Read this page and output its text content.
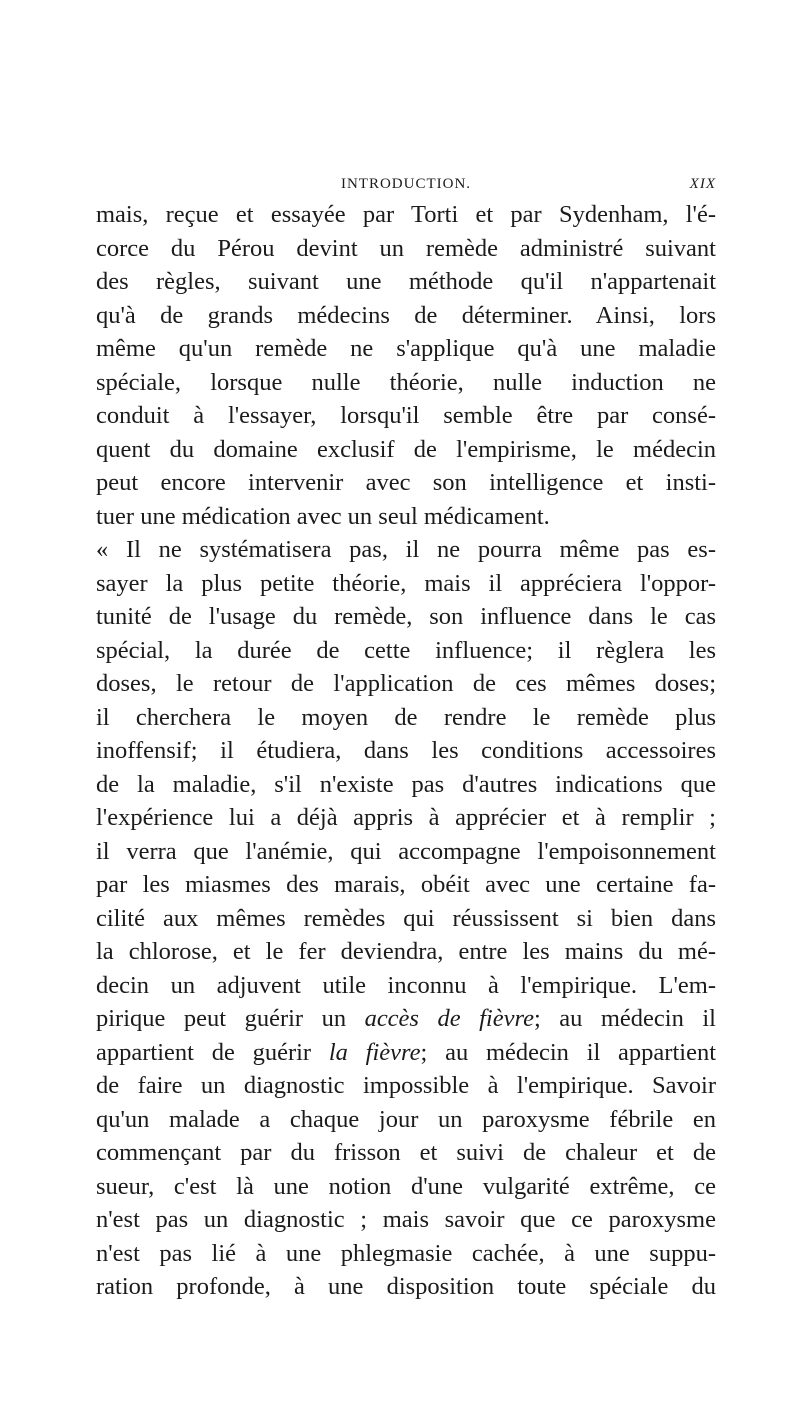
INTRODUCTION.	XIX
mais, reçue et essayée par Torti et par Sydenham, l'é-
corce du Pérou devint un remède administré suivant
des règles, suivant une méthode qu'il n'appartenait
qu'à de grands médecins de déterminer. Ainsi, lors
même qu'un remède ne s'applique qu'à une maladie
spéciale, lorsque nulle théorie, nulle induction ne
conduit à l'essayer, lorsqu'il semble être par consé-
quent du domaine exclusif de l'empirisme, le médecin
peut encore intervenir avec son intelligence et insti-
tuer une médication avec un seul médicament.
« Il ne systématisera pas, il ne pourra même pas es-
sayer la plus petite théorie, mais il appréciera l'oppor-
tunité de l'usage du remède, son influence dans le cas
spécial, la durée de cette influence; il règlera les
doses, le retour de l'application de ces mêmes doses;
il cherchera le moyen de rendre le remède plus
inoffensif; il étudiera, dans les conditions accessoires
de la maladie, s'il n'existe pas d'autres indications que
l'expérience lui a déjà appris à apprécier et à remplir ;
il verra que l'anémie, qui accompagne l'empoisonnement
par les miasmes des marais, obéit avec une certaine fa-
cilité aux mêmes remèdes qui réussissent si bien dans
la chlorose, et le fer deviendra, entre les mains du mé-
decin un adjuvent utile inconnu à l'empirique. L'em-
pirique peut guérir un accès de fièvre; au médecin il
appartient de guérir la fièvre; au médecin il appartient
de faire un diagnostic impossible à l'empirique. Savoir
qu'un malade a chaque jour un paroxysme fébrile en
commençant par du frisson et suivi de chaleur et de
sueur, c'est là une notion d'une vulgarité extrême, ce
n'est pas un diagnostic ; mais savoir que ce paroxysme
n'est pas lié à une phlegmasie cachée, à une suppu-
ration profonde, à une disposition toute spéciale du
